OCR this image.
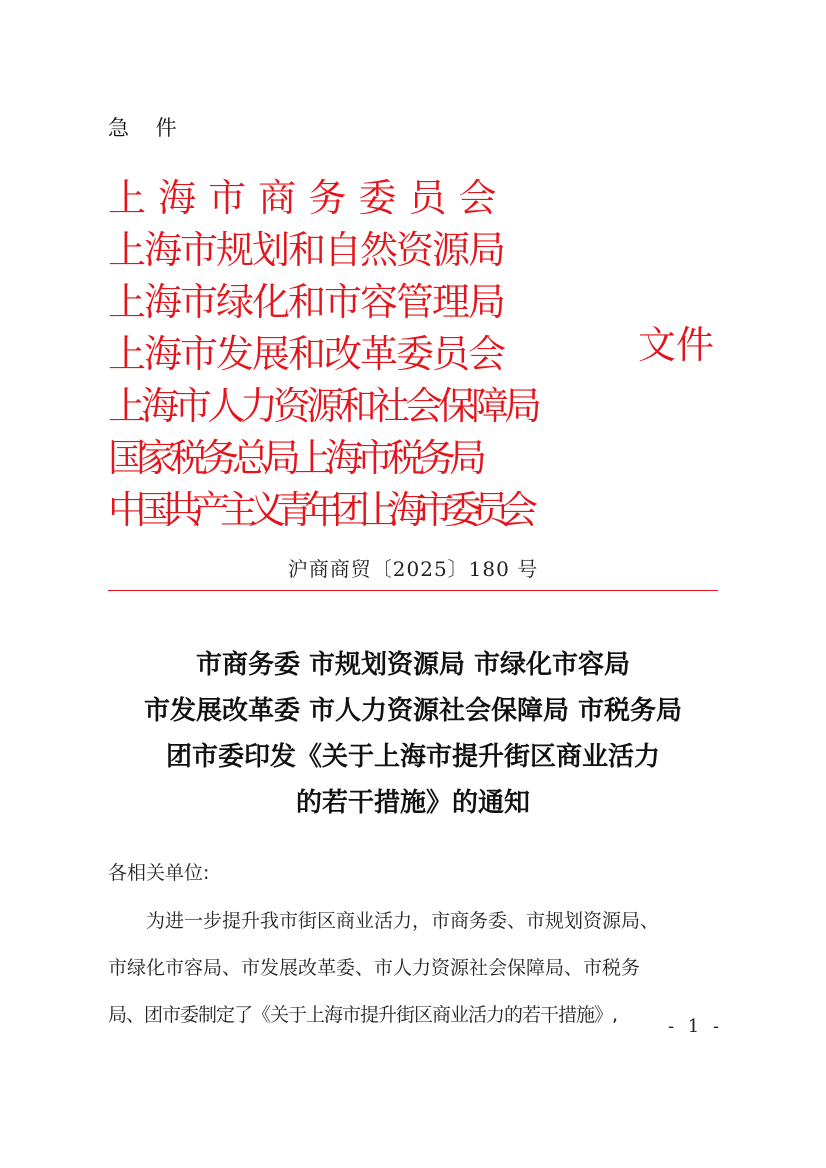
急 件
上 海 市 商 务 委 员 会
上海市规划和自然资源局
上海市绿化和市容管理局
上海市发展和改革委员会
上海市人力资源和社会保障局
国家税务总局上海市税务局
中国共产主义青年团上海市委员会
文件
沪商商贸〔2025〕180 号
市商务委 市规划资源局 市绿化市容局
市发展改革委 市人力资源社会保障局 市税务局
团市委印发《关于上海市提升街区商业活力
的若干措施》的通知
各相关单位:
为进一步提升我市街区商业活力，市商务委、市规划资源局、
市绿化市容局、市发展改革委、市人力资源社会保障局、市税务
局、团市委制定了《关于上海市提升街区商业活力的若干措施》,
- 1 -
